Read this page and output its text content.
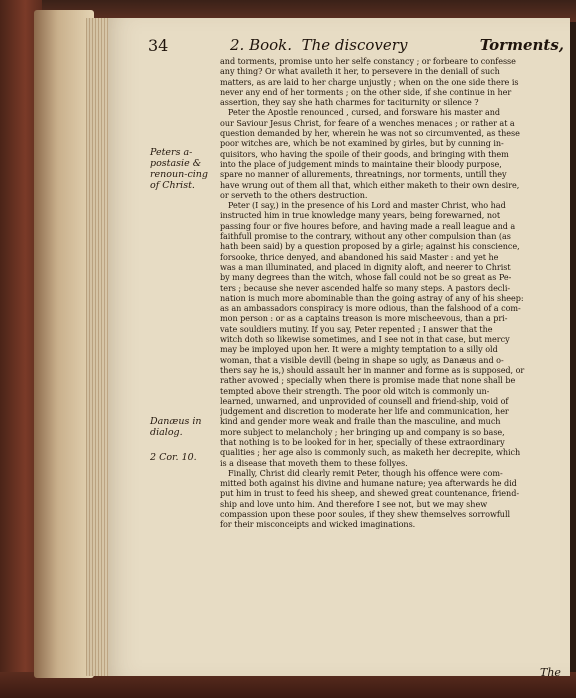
34	2. Book. The discovery	Torments,
Peters a-postasie & renoun-cing of Christ.
Danæus in dialog.
2 Cor. 10.
and torments, promise unto her selfe constancy ; or forbeare to confesse
any thing? Or what availeth it her, to persevere in the deniall of such
matters, as are laid to her charge unjustly ; when on the one side there is
never any end of her torments ; on the other side, if she continue in her
assertion, they say she hath charmes for taciturnity or silence ?
Peter the Apostle renounced , cursed, and forsware his master and
our Saviour Jesus Christ, for feare of a wenches menaces ; or rather at a
question demanded by her, wherein he was not so circumvented, as these
poor witches are, which be not examined by girles, but by cunning in-
quisitors, who having the spoile of their goods, and bringing with them
into the place of judgement minds to maintaine their bloody purpose,
spare no manner of allurements, threatnings, nor torments, untill they
have wrung out of them all that, which either maketh to their own desire,
or serveth to the others destruction.
Peter (I say,) in the presence of his Lord and master Christ, who had
instructed him in true knowledge many years, being forewarned, not
passing four or five houres before, and having made a reall league and a
faithfull promise to the contrary, without any other compulsion than (as
hath been said) by a question proposed by a girle; against his conscience,
forsooke, thrice denyed, and abandoned his said Master : and yet he
was a man illuminated, and placed in dignity aloft, and neerer to Christ
by many degrees than the witch, whose fall could not be so great as Pe-
ters ; because she never ascended halfe so many steps. A pastors decli-
nation is much more abominable than the going astray of any of his sheep:
as an ambassadors conspiracy is more odious, than the falshood of a com-
mon person : or as a captains treason is more mischeevous, than a pri-
vate souldiers mutiny. If you say, Peter repented ; I answer that the
witch doth so likewise sometimes, and I see not in that case, but mercy
may be imployed upon her. It were a mighty temptation to a silly old
woman, that a visible devill (being in shape so ugly, as Danæus and o-
thers say he is,) should assault her in manner and forme as is supposed, or
rather avowed ; specially when there is promise made that none shall be
tempted above their strength. The poor old witch is commonly un-
learned, unwarned, and unprovided of counsell and friend-ship, void of
judgement and discretion to moderate her life and communication, her
kind and gender more weak and fraile than the masculine, and much
more subject to melancholy ; her bringing up and company is so base,
that nothing is to be looked for in her, specially of these extraordinary
qualities ; her age also is commonly such, as maketh her decrepite, which
is a disease that moveth them to these follyes.
Finally, Christ did clearly remit Peter, though his offence were com-
mitted both against his divine and humane nature; yea afterwards he did
put him in trust to feed his sheep, and shewed great countenance, friend-
ship and love unto him. And therefore I see not, but we may shew
compassion upon these poor soules, if they shew themselves sorrowfull
for their misconceipts and wicked imaginations.
The
